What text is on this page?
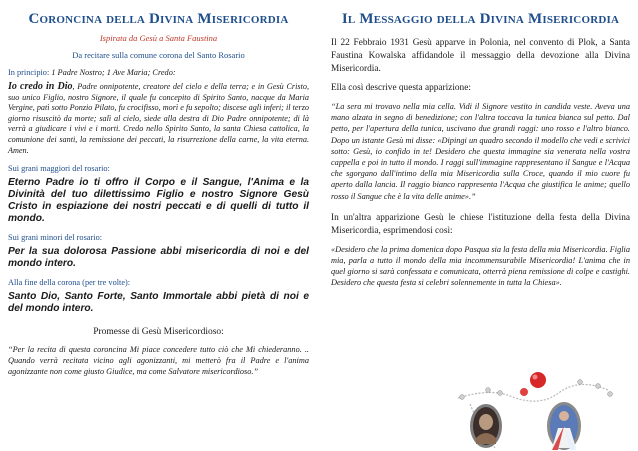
Coroncina della Divina Misericordia
Ispirata da Gesù a Santa Faustina
Da recitare sulla comune corona del Santo Rosario
In principio: 1 Padre Nostro; 1 Ave Maria; Credo:
Io credo in Dio, Padre onnipotente, creatore del cielo e della terra; e in Gesù Cristo, suo unico Figlio, nostro Signore, il quale fu concepito di Spirito Santo, nacque da Maria Vergine, patì sotto Ponzio Pilato, fu crocifisso, morì e fu sepolto; discese agli inferi; il terzo giorno risuscitò da morte; salì al cielo, siede alla destra di Dio Padre onnipotente; di là verrà a giudicare i vivi e i morti. Credo nello Spirito Santo, la santa Chiesa cattolica, la comunione dei santi, la remissione dei peccati, la risurrezione della carne, la vita eterna. Amen.
Sui grani maggiori del rosario:
Eterno Padre io ti offro il Corpo e il Sangue, l'Anima e la Divinità del tuo dilettissimo Figlio e nostro Signore Gesù Cristo in espiazione dei nostri peccati e di quelli di tutto il mondo.
Sui grani minori del rosario:
Per la sua dolorosa Passione abbi misericordia di noi e del mondo intero.
Alla fine della corona (per tre volte):
Santo Dio, Santo Forte, Santo Immortale abbi pietà di noi e del mondo intero.
Promesse di Gesù Misericordioso:
“Per la recita di questa coroncina Mi piace concedere tutto ciò che Mi chiederanno. .. Quando verrà recitata vicino agli agonizzanti, mi metterò fra il Padre e l'anima agonizzante non come giusto Giudice, ma come Salvatore misericordioso.”
Il Messaggio della Divina Misericordia
Il 22 Febbraio 1931 Gesù apparve in Polonia, nel convento di Plok, a Santa Faustina Kowalska affidandole il messaggio della devozione alla Divina Misericordia.
Ella così descrive questa apparizione:
“La sera mi trovavo nella mia cella. Vidi il Signore vestito in candida veste. Aveva una mano alzata in segno di benedizione; con l'altra toccava la tunica bianca sul petto. Dal petto, per l'apertura della tunica, uscivano due grandi raggi: uno rosso e l'altro bianco. Dopo un istante Gesù mi disse: «Dipingi un quadro secondo il modello che vedi e scrivici sotto: Gesù, io confido in te! Desidero che questa immagine sia venerata nella vostra cappella e poi in tutto il mondo. I raggi sull'immagine rappresentano il Sangue e l'Acqua che sgorgano dall'intimo della mia Misericordia sulla Croce, quando il mio cuore fu aperto dalla lancia. Il raggio bianco rappresenta l'Acqua che giustifica le anime; quello rosso il Sangue che è la vita delle anime».”
In un'altra apparizione Gesù le chiese l'istituzione della festa della Divina Misericordia, esprimendosi così:
«Desidero che la prima domenica dopo Pasqua sia la festa della mia Misericordia. Figlia mia, parla a tutto il mondo della mia incommensurabile Misericordia! L'anima che in quel giorno si sarà confessata e comunicata, otterrà piena remissione di colpe e castighi. Desidero che questa festa si celebri solennemente in tutta la Chiesa».
